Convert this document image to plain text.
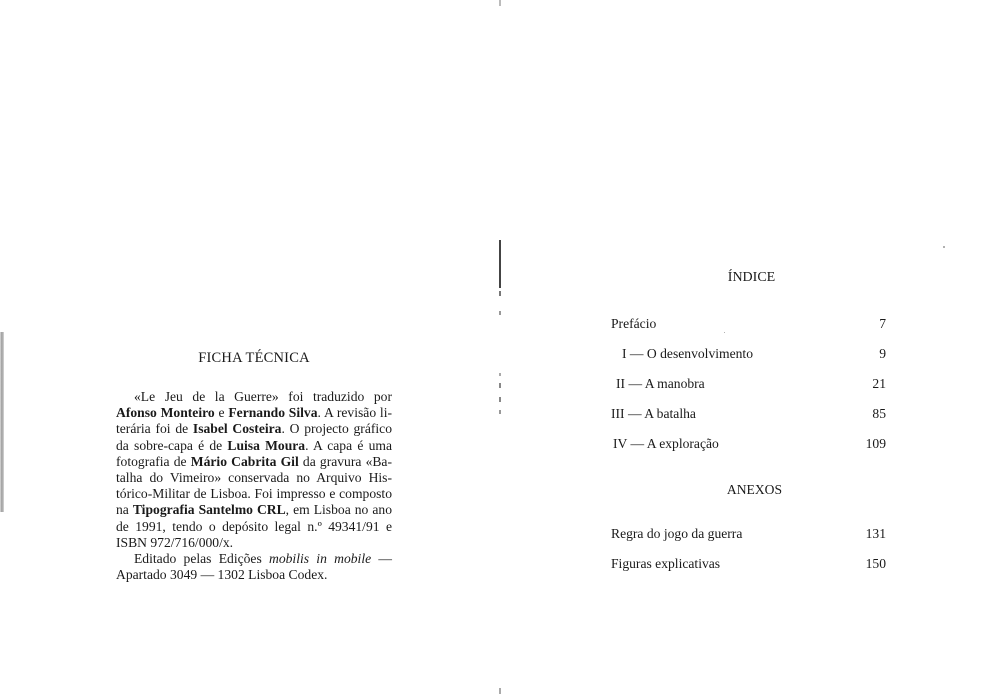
FICHA TÉCNICA

«Le Jeu de la Guerre» foi traduzido por Afonso Monteiro e Fernando Silva. A revisão literária foi de Isabel Costeira. O projecto gráfico da sobre-capa é de Luisa Moura. A capa é uma fotografia de Mário Cabrita Gil da gravura «Batalha do Vimeiro» conservada no Arquivo Histórico-Militar de Lisboa. Foi impresso e composto na Tipografia Santelmo CRL, em Lisboa no ano de 1991, tendo o depósito legal n.º 49341/91 e ISBN 972/716/000/x.

Editado pelas Edições mobilis in mobile — Apartado 3049 — 1302 Lisboa Codex.

ÍNDICE
Prefácio	7
I — O desenvolvimento	9
II — A manobra	21
III — A batalha	85
IV — A exploração	109
ANEXOS
Regra do jogo da guerra	131
Figuras explicativas	150
